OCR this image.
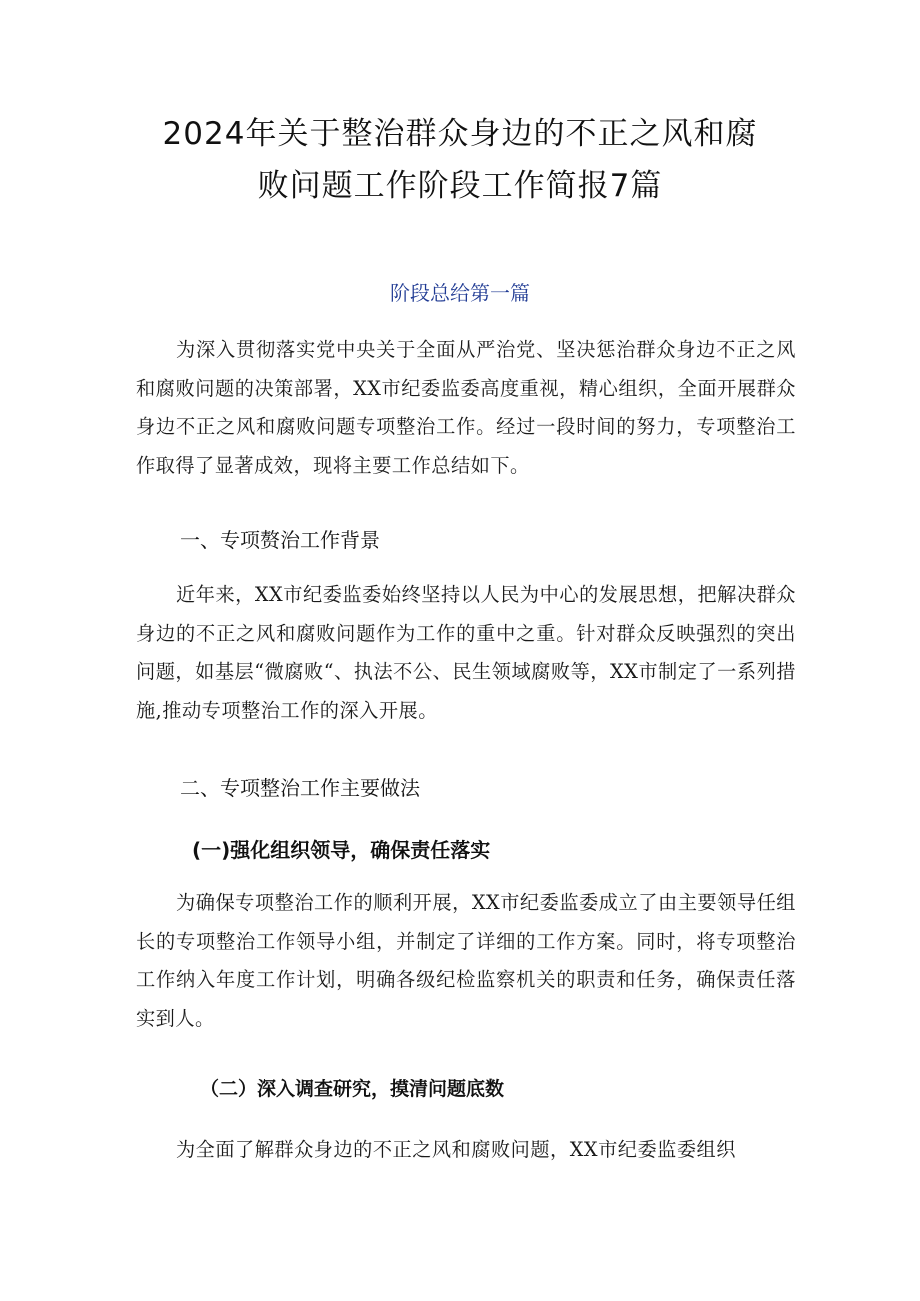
2024年关于整治群众身边的不正之风和腐
败问题工作阶段工作简报7篇
阶段总给第一篇

为深入贯彻落实党中央关于全面从严治党、坚决惩治群众身边不正之风和腐败问题的决策部署，XX市纪委监委高度重视，精心组织，全面开展群众身边不正之风和腐败问题专项整治工作。经过一段时间的努力，专项整治工作取得了显著成效，现将主要工作总结如下。

一、专项赘治工作背景

近年来，XX市纪委监委始终坚持以人民为中心的发展思想，把解决群众身边的不正之风和腐败问题作为工作的重中之重。针对群众反映强烈的突出问题，如基层“微腐败“、执法不公、民生领域腐败等，XX市制定了一系列措施,推动专项整治工作的深入开展。

二、专项整治工作主要做法
(一)强化组织领导，确保责任落实

为确保专项整治工作的顺利开展，XX市纪委监委成立了由主要领导任组长的专项整治工作领导小组，并制定了详细的工作方案。同时，将专项整治工作纳入年度工作计划，明确各级纪检监察机关的职责和任务，确保责任落实到人。

（二）深入调查研究，摸清问题底数

为全面了解群众身边的不正之风和腐败问题，XX市纪委监委组织
